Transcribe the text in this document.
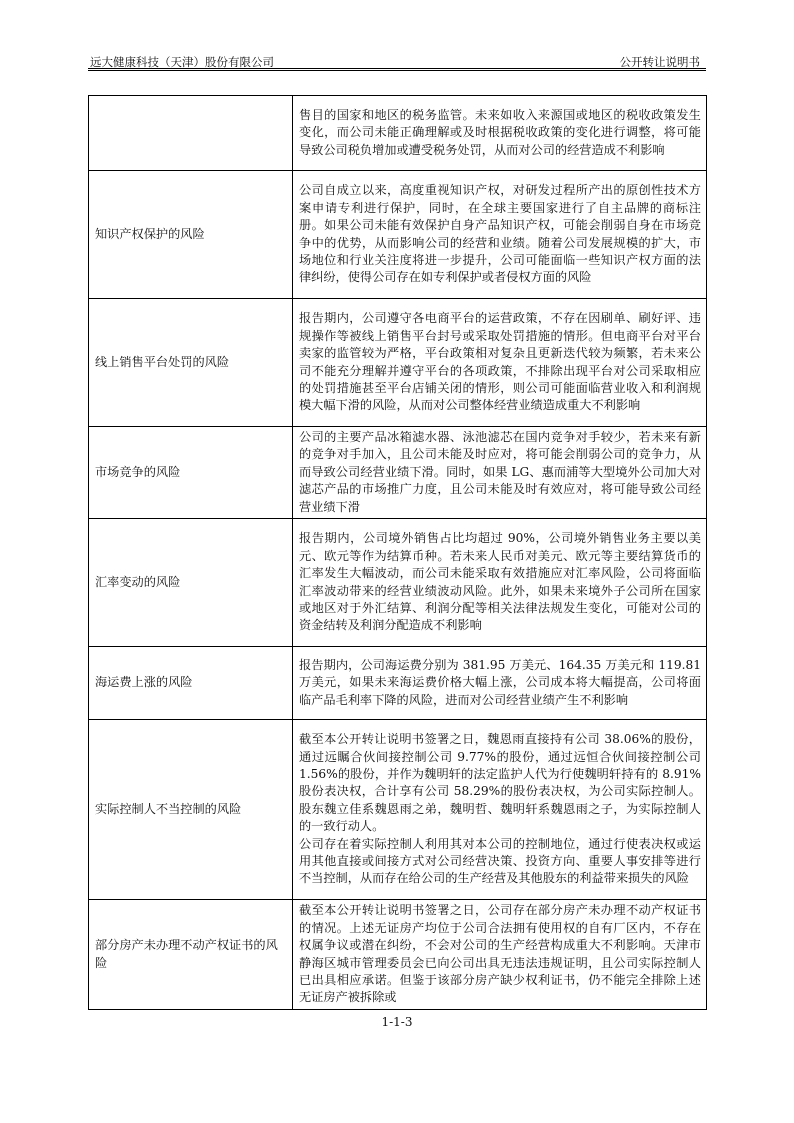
远大健康科技（天津）股份有限公司	公开转让说明书

	售目的国家和地区的税务监管。未来如收入来源国或地区的税收政策发生变化，而公司未能正确理解或及时根据税收政策的变化进行调整，将可能导致公司税负增加或遭受税务处罚，从而对公司的经营造成不利影响

知识产权保护的风险	公司自成立以来，高度重视知识产权，对研发过程所产出的原创性技术方案申请专利进行保护，同时，在全球主要国家进行了自主品牌的商标注册。如果公司未能有效保护自身产品知识产权，可能会削弱自身在市场竞争中的优势，从而影响公司的经营和业绩。随着公司发展规模的扩大，市场地位和行业关注度将进一步提升，公司可能面临一些知识产权方面的法律纠纷，使得公司存在如专利保护或者侵权方面的风险

线上销售平台处罚的风险	报告期内，公司遵守各电商平台的运营政策，不存在因刷单、刷好评、违规操作等被线上销售平台封号或采取处罚措施的情形。但电商平台对平台卖家的监管较为严格，平台政策相对复杂且更新迭代较为频繁，若未来公司不能充分理解并遵守平台的各项政策，不排除出现平台对公司采取相应的处罚措施甚至平台店铺关闭的情形，则公司可能面临营业收入和利润规模大幅下滑的风险，从而对公司整体经营业绩造成重大不利影响

市场竞争的风险	公司的主要产品冰箱滤水器、泳池滤芯在国内竞争对手较少，若未来有新的竞争对手加入，且公司未能及时应对，将可能会削弱公司的竞争力，从而导致公司经营业绩下滑。同时，如果 LG、惠而浦等大型境外公司加大对滤芯产品的市场推广力度，且公司未能及时有效应对，将可能导致公司经营业绩下滑

汇率变动的风险	报告期内，公司境外销售占比均超过 90%，公司境外销售业务主要以美元、欧元等作为结算币种。若未来人民币对美元、欧元等主要结算货币的汇率发生大幅波动，而公司未能采取有效措施应对汇率风险，公司将面临汇率波动带来的经营业绩波动风险。此外，如果未来境外子公司所在国家或地区对于外汇结算、利润分配等相关法律法规发生变化，可能对公司的资金结转及利润分配造成不利影响

海运费上涨的风险	报告期内，公司海运费分别为 381.95 万美元、164.35 万美元和 119.81 万美元，如果未来海运费价格大幅上涨，公司成本将大幅提高，公司将面临产品毛利率下降的风险，进而对公司经营业绩产生不利影响

实际控制人不当控制的风险	截至本公开转让说明书签署之日，魏恩雨直接持有公司 38.06%的股份，通过远瞩合伙间接控制公司 9.77%的股份，通过远恒合伙间接控制公司 1.56%的股份，并作为魏明轩的法定监护人代为行使魏明轩持有的 8.91%股份表决权，合计享有公司 58.29%的股份表决权，为公司实际控制人。股东魏立佳系魏恩雨之弟，魏明哲、魏明轩系魏恩雨之子，为实际控制人的一致行动人。
公司存在着实际控制人利用其对本公司的控制地位，通过行使表决权或运用其他直接或间接方式对公司经营决策、投资方向、重要人事安排等进行不当控制，从而存在给公司的生产经营及其他股东的利益带来损失的风险

部分房产未办理不动产权证书的风险	截至本公开转让说明书签署之日，公司存在部分房产未办理不动产权证书的情况。上述无证房产均位于公司合法拥有使用权的自有厂区内，不存在权属争议或潜在纠纷，不会对公司的生产经营构成重大不利影响。天津市静海区城市管理委员会已向公司出具无违法违规证明，且公司实际控制人已出具相应承诺。但鉴于该部分房产缺少权利证书，仍不能完全排除上述无证房产被拆除或
1-1-3
